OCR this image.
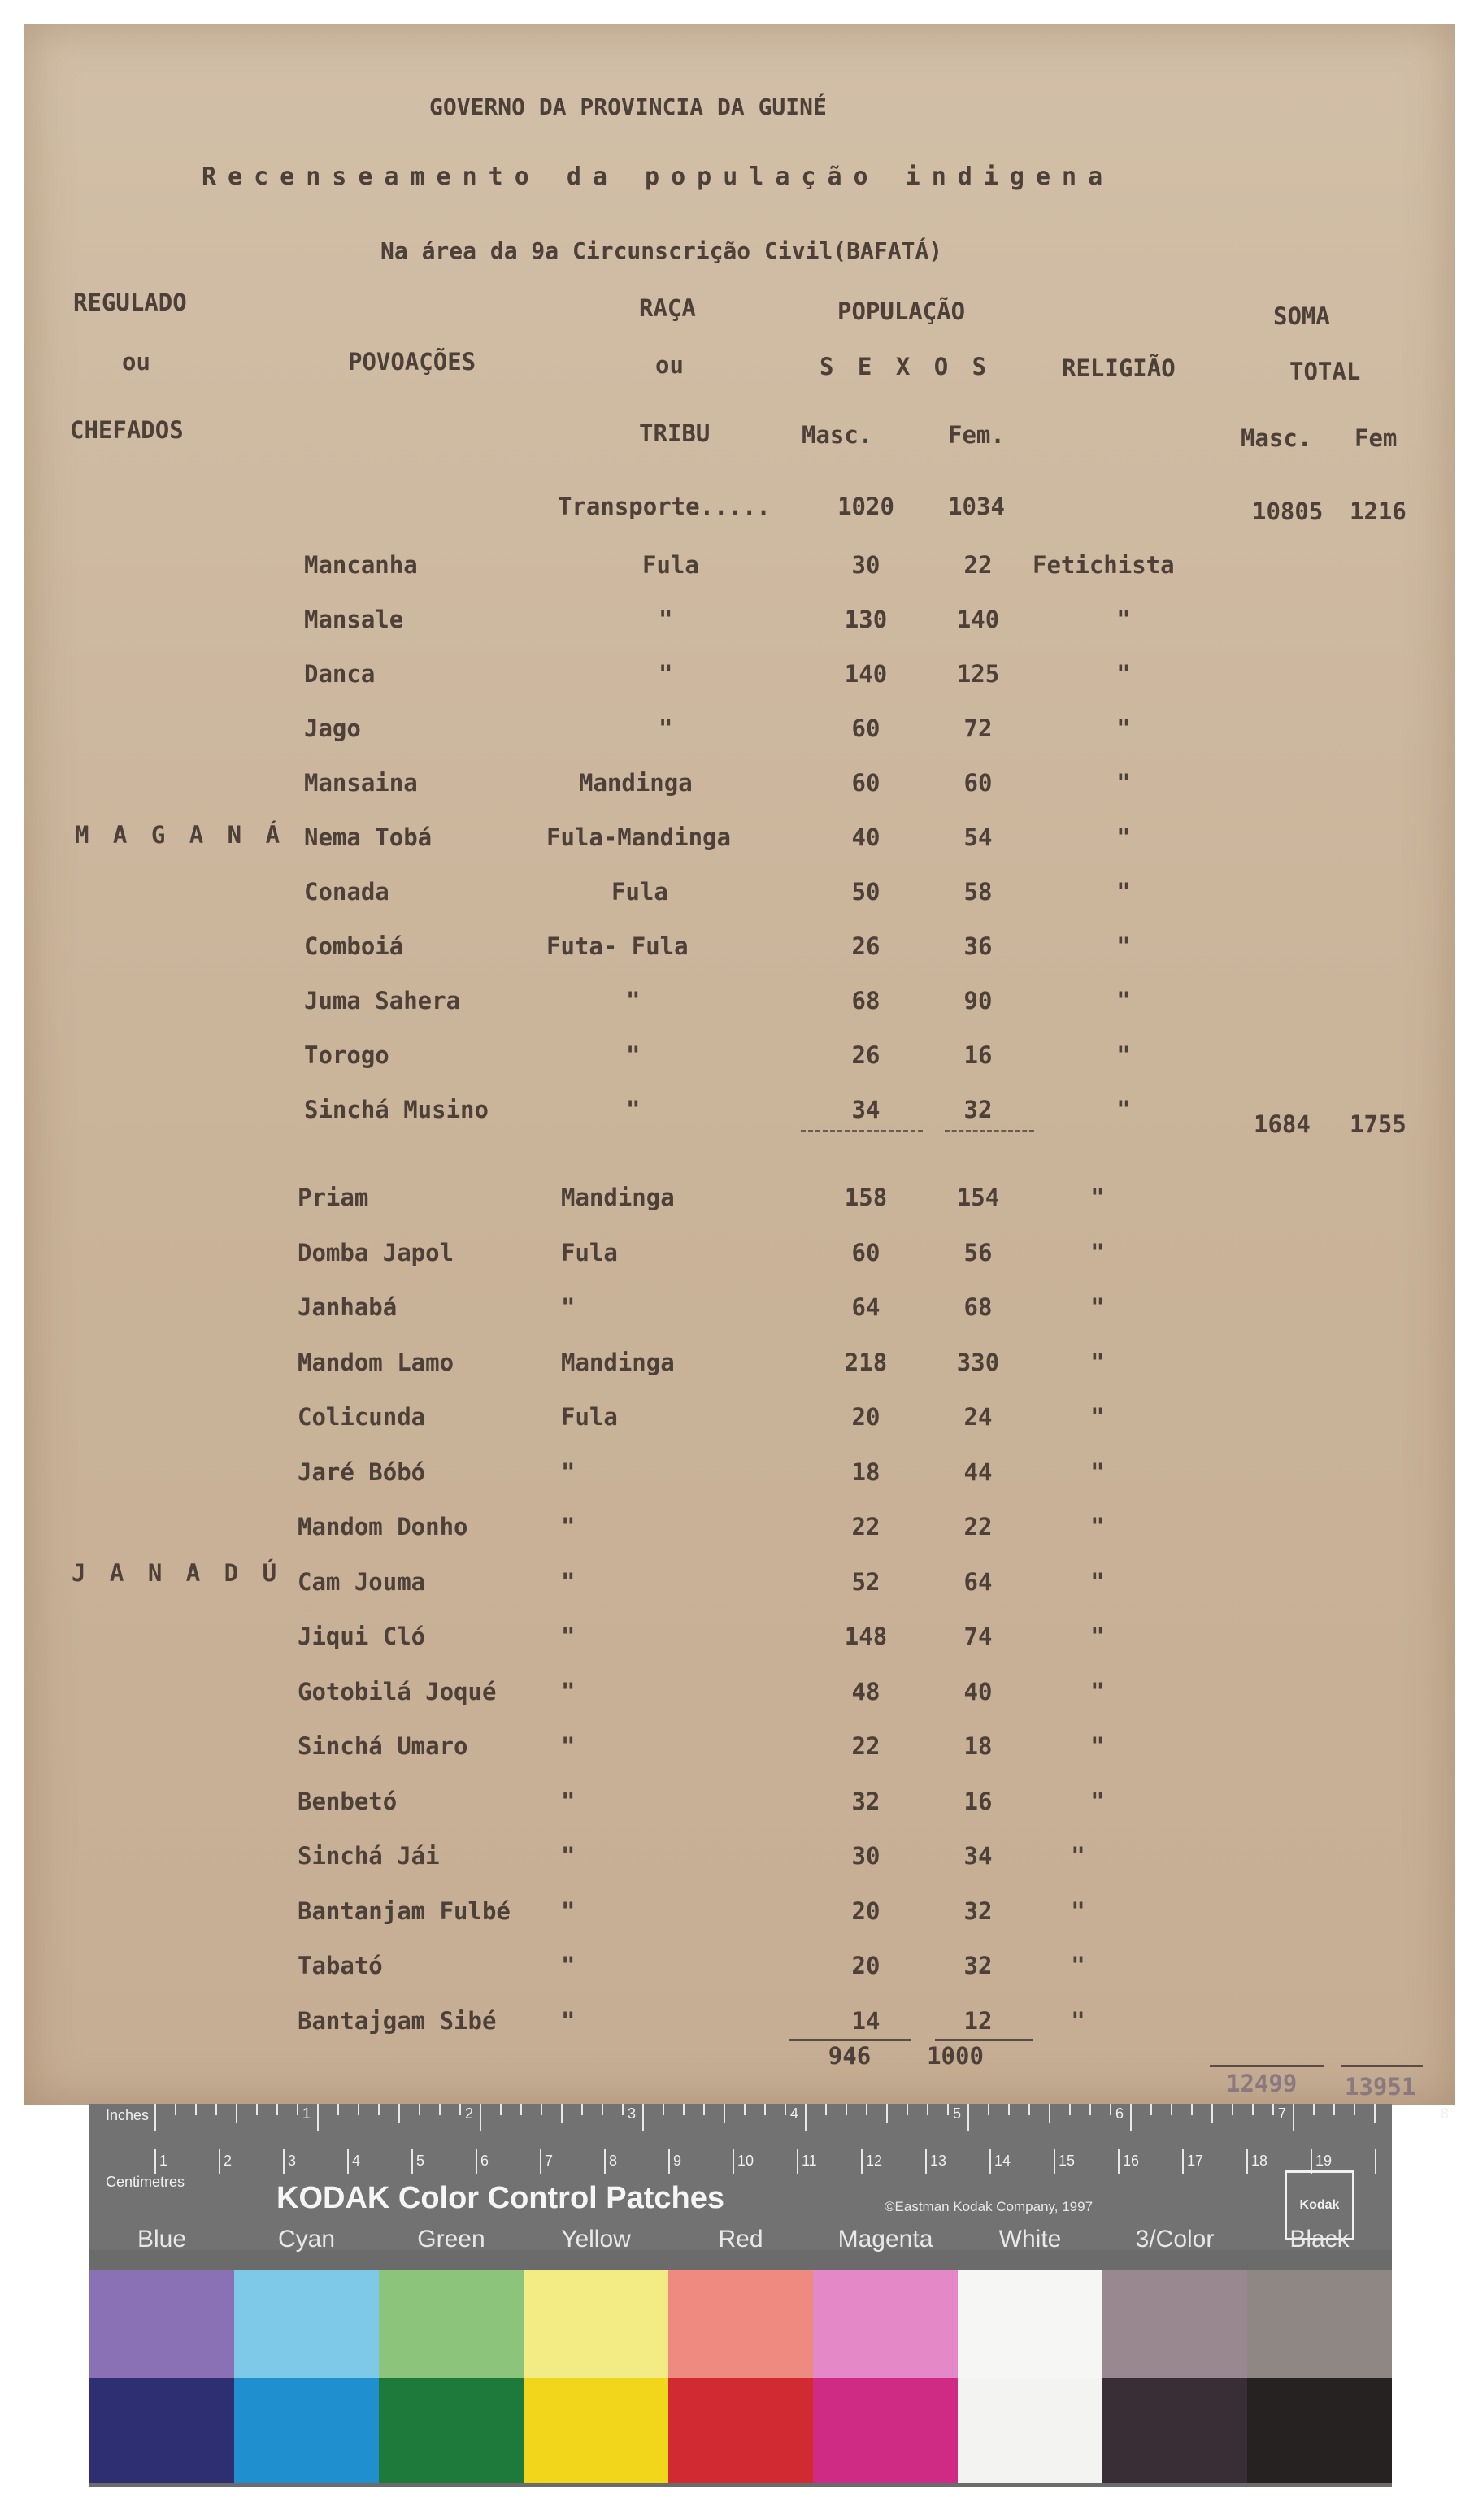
GOVERNO DA PROVINCIA DA GUINÉ
Recenseamento da população indigena
Na área da 9a Circunscrição Civil(BAFATÁ)
REGULADO
ou
CHEFADOS
POVOAÇÕES
RAÇA
ou
TRIBU
POPULAÇÃO
S E X O S
Masc.	Fem.
RELIGIÃO
SOMA
TOTAL
Masc. Fem
Transporte.....	1020	1034	10805 1216
M A G A N Á
Mancanha	Fula	30	22	Fetichista
Mansale	"	130	140	"
Danca	"	140	125	"
Jago	"	60	72	"
Mansaina	Mandinga	60	60	"
Nema Tobá	Fula-Mandinga	40	54	"
Conada	Fula	50	58	"
Comboiá	Futa- Fula	26	36	"
Juma Sahera	"	68	90	"
Torogo	"	26	16	"
Sinchá Musino	"	34	32	"
1684 1755
J A N A D Ú
Priam	Mandinga	158	154	"
Domba Japol	Fula	60	56	"
Janhabá	"	64	68	"
Mandom Lamo	Mandinga	218	330	"
Colicunda	Fula	20	24	"
Jaré Bóbó	"	18	44	"
Mandom Donho	"	22	22	"
Cam Jouma	"	52	64	"
Jiqui Cló	"	148	74	"
Gotobilá Joqué	"	48	40	"
Sinchá Umaro	"	22	18	"
Benbetó	"	32	16	"
Sinchá Jái	"	30	34	"
Bantanjam Fulbé "	20	32	"
Tabató	"	20	32	"
Bantajgam Sibé	"	14	12	"
946	1000
12499 13951
Inches
Centimetres
1	2	3	4	5	6	7	8
1	2	3	4	5	6	7	8	9	10	11	12	13	14	15	16	17	18	19
KODAK Color Control Patches	©Eastman Kodak Company, 1997	Kodak
Blue	Cyan	Green	Yellow	Red	Magenta	White	3/Color	Black
